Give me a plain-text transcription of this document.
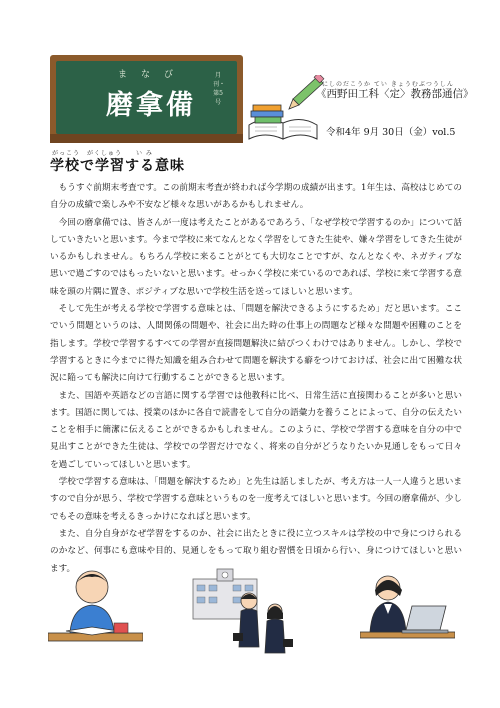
まなび
磨拿備
月刊・第5号
にしのだこうか てい きょうむぶつうしん
《西野田工科〈定〉教務部通信》
令和4年 9月 30日（金）vol.5
がっこう　がくしゅう　　い み
学校で学習する意味

もうすぐ前期末考査です。この前期末考査が終われば今学期の成績が出ます。1年生は、高校はじめての自分の成績で楽しみや不安など様々な思いがあるかもしれません。

今回の磨拿備では、皆さんが一度は考えたことがあるであろう、「なぜ学校で学習するのか」について話していきたいと思います。今まで学校に来てなんとなく学習をしてきた生徒や、嫌々学習をしてきた生徒がいるかもしれません。もちろん学校に来ることがとても大切なことですが、なんとなくや、ネガティブな思いで過ごすのではもったいないと思います。せっかく学校に来ているのであれば、学校に来て学習する意味を頭の片隅に置き、ポジティブな思いで学校生活を送ってほしいと思います。

そして先生が考える学校で学習する意味とは、「問題を解決できるようにするため」だと思います。ここでいう問題というのは、人間関係の問題や、社会に出た時の仕事上の問題など様々な問題や困難のことを指します。学校で学習するすべての学習が直接問題解決に結びつくわけではありません。しかし、学校で学習するときに今までに得た知識を組み合わせて問題を解決する癖をつけておけば、社会に出て困難な状況に陥っても解決に向けて行動することができると思います。

また、国語や英語などの言語に関する学習では他教科に比べ、日常生活に直接関わることが多いと思います。国語に関しては、授業のほかに各自で読書をして自分の語彙力を養うことによって、自分の伝えたいことを相手に簡潔に伝えることができるかもしれません。このように、学校で学習する意味を自分の中で見出すことができた生徒は、学校での学習だけでなく、将来の自分がどうなりたいか見通しをもって日々を過ごしていってほしいと思います。

学校で学習する意味は、「問題を解決するため」と先生は話しましたが、考え方は一人一人違うと思いますので自分が思う、学校で学習する意味というものを一度考えてほしいと思います。今回の磨拿備が、少しでもその意味を考えるきっかけになればと思います。

また、自分自身がなぜ学習をするのか、社会に出たときに役に立つスキルは学校の中で身につけられるのかなど、何事にも意味や目的、見通しをもって取り組む習慣を日頃から行い、身につけてほしいと思います。
